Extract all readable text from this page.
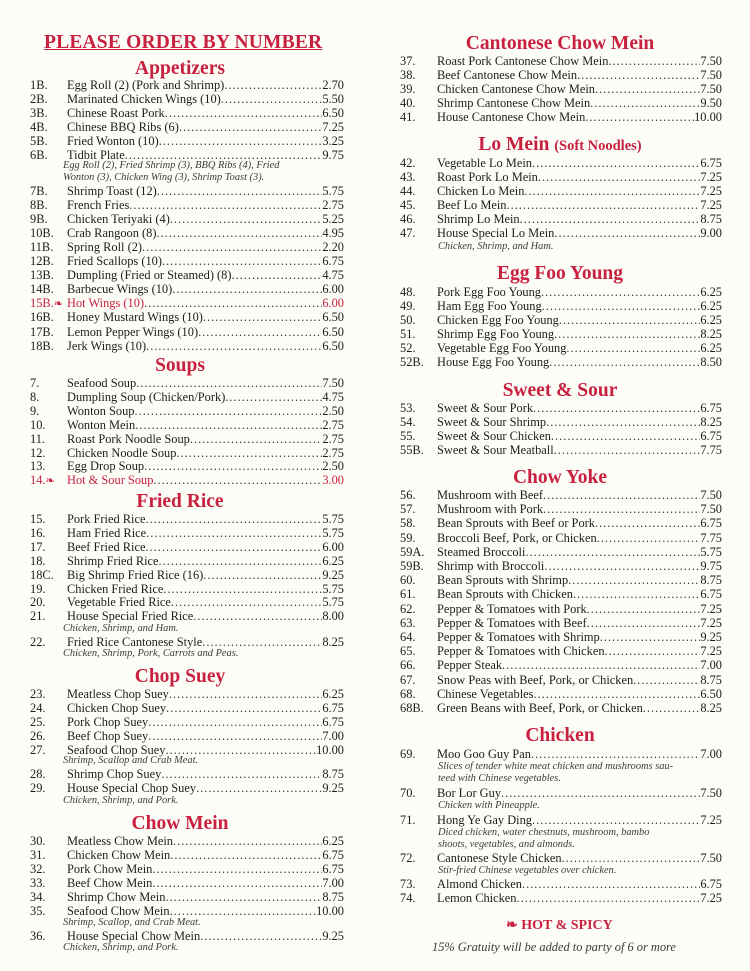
PLEASE ORDER BY NUMBER
Appetizers
1B.	Egg Roll (2) (Pork and Shrimp) .....	2.70
2B.	Marinated Chicken Wings (10) .....	5.50
3B.	Chinese Roast Pork .....	6.50
4B.	Chinese BBQ Ribs (6) .....	7.25
5B.	Fried Wonton (10) .....	3.25
6B.	Tidbit Plate .....	9.75
7B.	Shrimp Toast (12) .....	5.75
8B.	French Fries .....	2.75
9B.	Chicken Teriyaki (4) .....	5.25
10B.	Crab Rangoon (8) .....	4.95
11B.	Spring Roll (2) .....	2.20
12B.	Fried Scallops (10) .....	6.75
13B.	Dumpling (Fried or Steamed) (8) .....	4.75
14B.	Barbecue Wings (10) .....	6.00
15B.❧ Hot Wings (10) .....	6.00
16B.	Honey Mustard Wings (10) .....	6.50
17B.	Lemon Pepper Wings (10) .....	6.50
18B.	Jerk Wings (10) .....	6.50
Egg Roll (2), Fried Shrimp (3), BBQ Ribs (4), Fried
Wonton (3), Chicken Wing (3), Shrimp Toast (3).
Soups
7.	Seafood Soup .....	7.50
8.	Dumpling Soup (Chicken/Pork) .....	4.75
9.	Wonton Soup .....	2.50
10.	Wonton Mein .....	2.75
11.	Roast Pork Noodle Soup .....	2.75
12.	Chicken Noodle Soup .....	2.75
13.	Egg Drop Soup .....	2.50
14.❧ Hot & Sour Soup .....	3.00
Fried Rice
15.	Pork Fried Rice .....	5.75
16.	Ham Fried Rice .....	5.75
17.	Beef Fried Rice .....	6.00
18.	Shrimp Fried Rice .....	6.25
18C.	Big Shrimp Fried Rice (16) .....	9.25
19.	Chicken Fried Rice .....	5.75
20.	Vegetable Fried Rice .....	5.75
21.	House Special Fried Rice .....	8.00
22.	Fried Rice Cantonese Style .....	8.25
Chicken, Shrimp, and Ham.
Chicken, Shrimp, Pork, Carrots and Peas.
Chop Suey
23.	Meatless Chop Suey .....	6.25
24.	Chicken Chop Suey .....	6.75
25.	Pork Chop Suey .....	6.75
26.	Beef Chop Suey .....	7.00
27.	Seafood Chop Suey .....	10.00
28.	Shrimp Chop Suey .....	8.75
29.	House Special Chop Suey .....	9.25
Shrimp, Scallop and Crab Meat.
Chicken, Shrimp, and Pork.
Chow Mein
30.	Meatless Chow Mein .....	6.25
31.	Chicken Chow Mein .....	6.75
32.	Pork Chow Mein .....	6.75
33.	Beef Chow Mein .....	7.00
34.	Shrimp Chow Mein .....	8.75
35.	Seafood Chow Mein .....	10.00
36.	House Special Chow Mein .....	9.25
Shrimp, Scallop, and Crab Meat.
Chicken, Shrimp, and Pork.
Cantonese Chow Mein
37.	Roast Pork Cantonese Chow Mein .....	7.50
38.	Beef Cantonese Chow Mein .....	7.50
39.	Chicken Cantonese Chow Mein .....	7.50
40.	Shrimp Cantonese Chow Mein .....	9.50
41.	House Cantonese Chow Mein .....	10.00
Lo Mein (Soft Noodles)
42.	Vegetable Lo Mein .....	6.75
43.	Roast Pork Lo Mein .....	7.25
44.	Chicken Lo Mein .....	7.25
45.	Beef Lo Mein .....	7.25
46.	Shrimp Lo Mein .....	8.75
47.	House Special Lo Mein .....	9.00
Chicken, Shrimp, and Ham.
Egg Foo Young
48.	Pork Egg Foo Young .....	6.25
49.	Ham Egg Foo Young .....	6.25
50.	Chicken Egg Foo Young .....	6.25
51.	Shrimp Egg Foo Young .....	8.25
52.	Vegetable Egg Foo Young .....	6.25
52B.	House Egg Foo Young .....	8.50
Sweet & Sour
53.	Sweet & Sour Pork .....	6.75
54.	Sweet & Sour Shrimp .....	8.25
55.	Sweet & Sour Chicken .....	6.75
55B.	Sweet & Sour Meatball .....	7.75
Chow Yoke
56.	Mushroom with Beef .....	7.50
57.	Mushroom with Pork .....	7.50
58.	Bean Sprouts with Beef or Pork .....	6.75
59.	Broccoli Beef, Pork, or Chicken .....	7.75
59A.	Steamed Broccoli .....	5.75
59B.	Shrimp with Broccoli .....	9.75
60.	Bean Sprouts with Shrimp .....	8.75
61.	Bean Sprouts with Chicken .....	6.75
62.	Pepper & Tomatoes with Pork .....	7.25
63.	Pepper & Tomatoes with Beef .....	7.25
64.	Pepper & Tomatoes with Shrimp .....	9.25
65.	Pepper & Tomatoes with Chicken .....	7.25
66.	Pepper Steak .....	7.00
67.	Snow Peas with Beef, Pork, or Chicken .....	8.75
68.	Chinese Vegetables .....	6.50
68B.	Green Beans with Beef, Pork, or Chicken .....	8.25
Chicken
69.	Moo Goo Guy Pan .....	7.00
70.	Bor Lor Guy .....	7.50
71.	Hong Ye Gay Ding .....	7.25
72.	Cantonese Style Chicken .....	7.50
73.	Almond Chicken .....	6.75
74.	Lemon Chicken .....	7.25
Slices of tender white meat chicken and mushrooms sau-
teed with Chinese vegetables.
Chicken with Pineapple.
Diced chicken, water chestnuts, mushroom, bambo
shoots, vegetables, and almonds.
Stir-fried Chinese vegetables over chicken.
❧ HOT & SPICY
15% Gratuity will be added to party of 6 or more
